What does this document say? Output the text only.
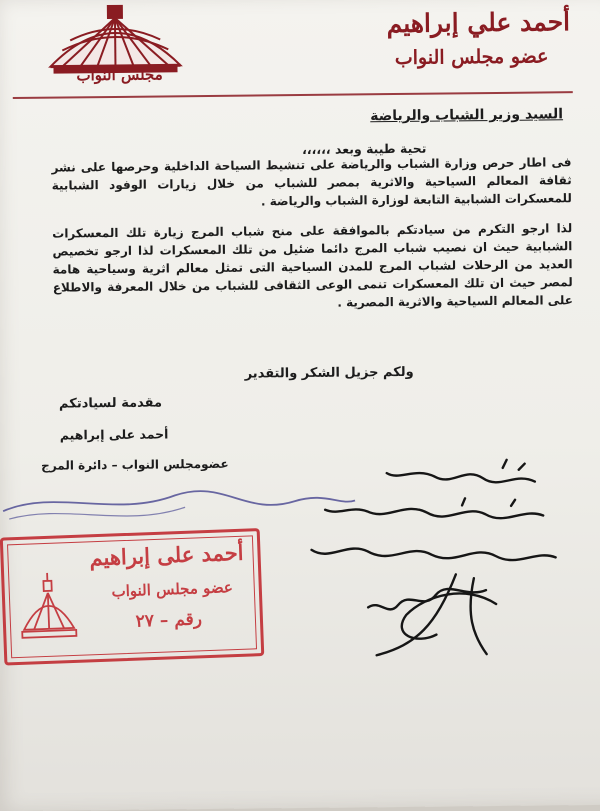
مجلس النواب
أحمد علي إبراهيم
عضو مجلس النواب
السيد وزير الشباب والرياضة
تحية طيبة وبعد ،،،،،،
فى اطار حرص وزارة الشباب والرياضة على تنشيط السياحة الداخلية وحرصها على نشر ثقافة المعالم السياحية والاثرية بمصر للشباب من خلال زيارات الوفود الشبابية للمعسكرات الشبابية التابعة لوزارة الشباب والرياضة .
لذا ارجو التكرم من سيادتكم بالموافقة على منح شباب المرج زيارة تلك المعسكرات الشبابية حيث ان نصيب شباب المرج دائما ضئيل من تلك المعسكرات لذا ارجو تخصيص العديد من الرحلات لشباب المرج للمدن السياحية التى تمثل معالم اثرية وسياحية هامة لمصر حيث ان تلك المعسكرات تنمى الوعى الثقافى للشباب من خلال المعرفة والاطلاع على المعالم السياحية والاثرية المصرية .
ولكم جزيل الشكر والتقدير
مقدمة لسيادتكم
أحمد على إبراهيم
عضومجلس النواب – دائرة المرج
أحمد على إبراهيم
عضو مجلس النواب
رقم – ٢٧
